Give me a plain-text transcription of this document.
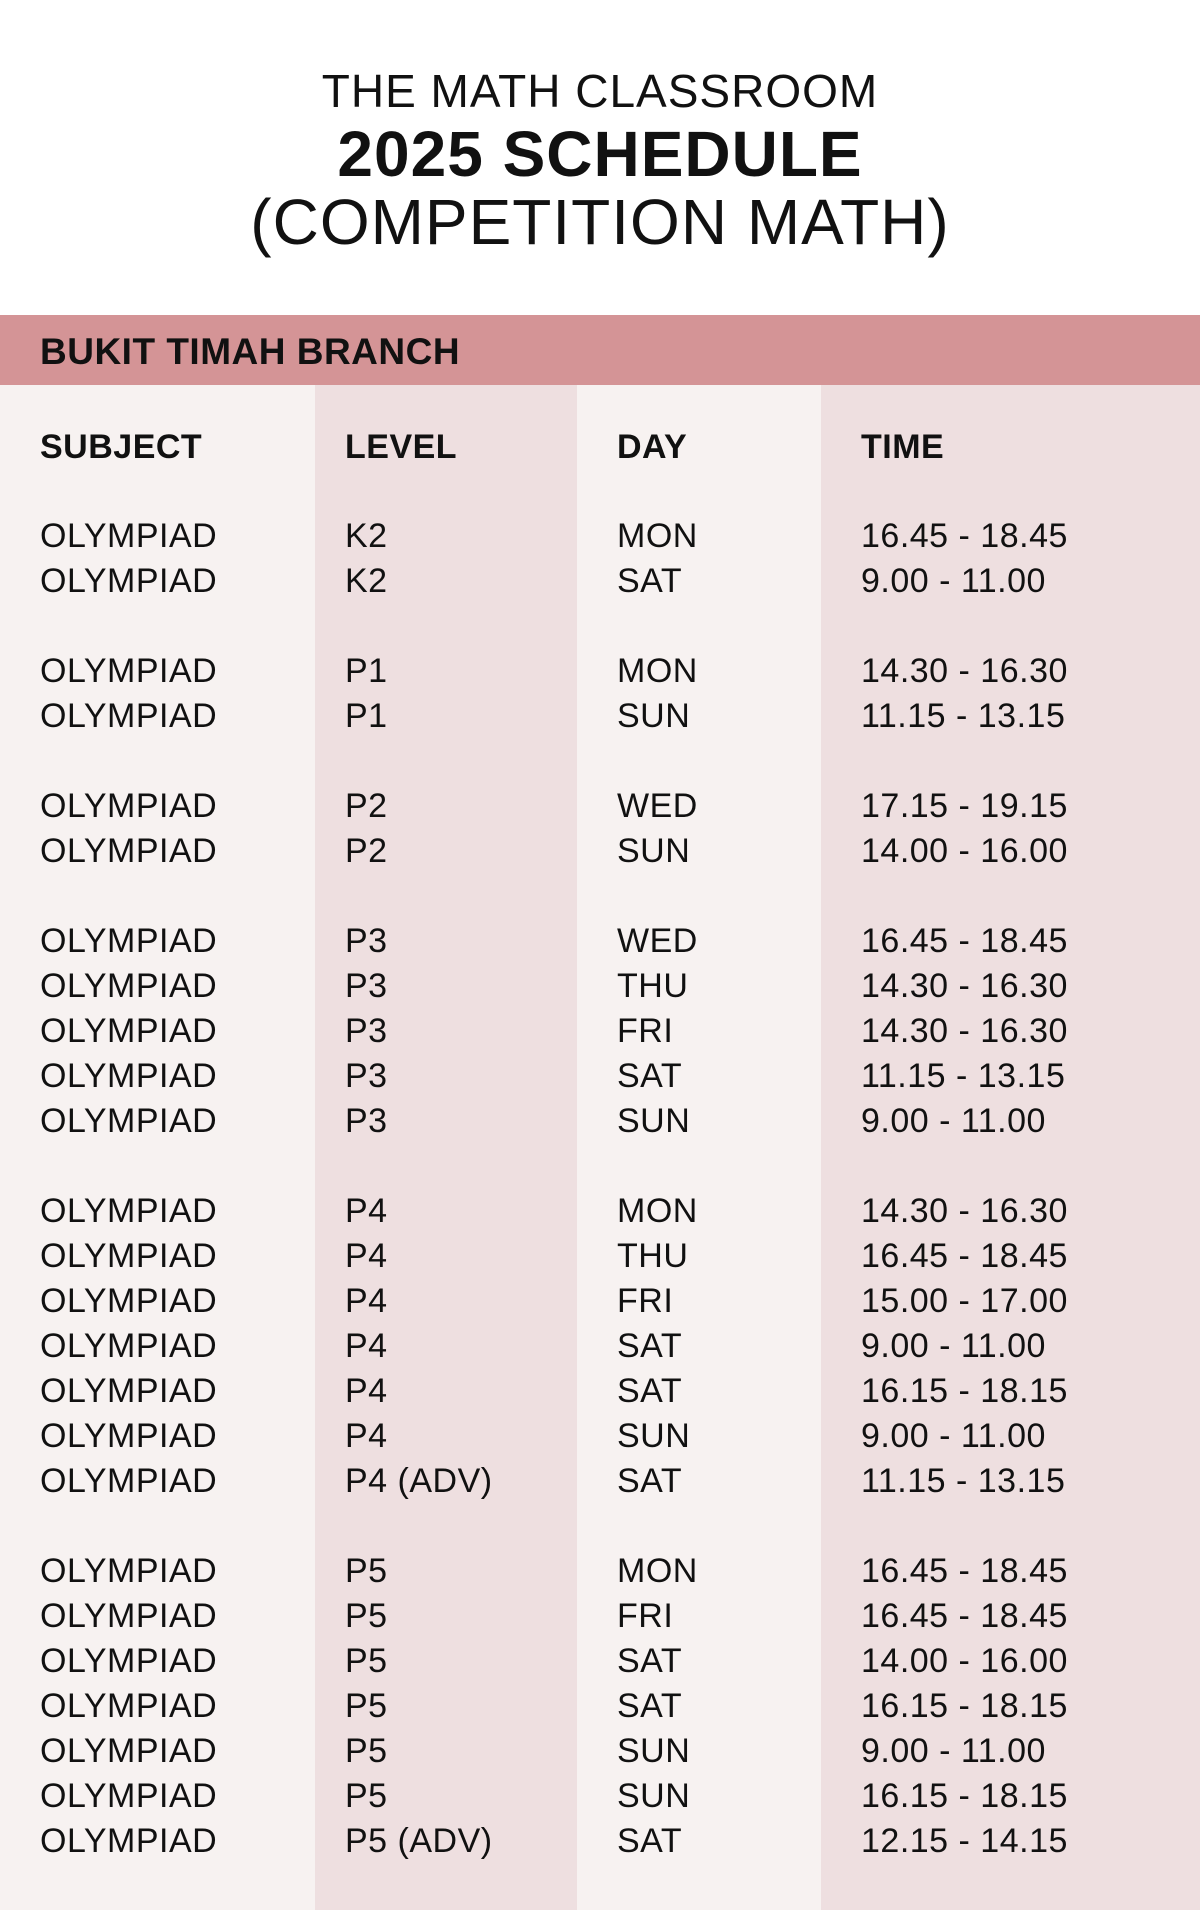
THE MATH CLASSROOM
2025 SCHEDULE
(COMPETITION MATH)
BUKIT TIMAH BRANCH
SUBJECT	LEVEL	DAY	TIME
OLYMPIAD	K2	MON	16.45 - 18.45
OLYMPIAD	K2	SAT	9.00 - 11.00
OLYMPIAD	P1	MON	14.30 - 16.30
OLYMPIAD	P1	SUN	11.15 - 13.15
OLYMPIAD	P2	WED	17.15 - 19.15
OLYMPIAD	P2	SUN	14.00 - 16.00
OLYMPIAD	P3	WED	16.45 - 18.45
OLYMPIAD	P3	THU	14.30 - 16.30
OLYMPIAD	P3	FRI	14.30 - 16.30
OLYMPIAD	P3	SAT	11.15 - 13.15
OLYMPIAD	P3	SUN	9.00 - 11.00
OLYMPIAD	P4	MON	14.30 - 16.30
OLYMPIAD	P4	THU	16.45 - 18.45
OLYMPIAD	P4	FRI	15.00 - 17.00
OLYMPIAD	P4	SAT	9.00 - 11.00
OLYMPIAD	P4	SAT	16.15 - 18.15
OLYMPIAD	P4	SUN	9.00 - 11.00
OLYMPIAD	P4 (ADV)	SAT	11.15 - 13.15
OLYMPIAD	P5	MON	16.45 - 18.45
OLYMPIAD	P5	FRI	16.45 - 18.45
OLYMPIAD	P5	SAT	14.00 - 16.00
OLYMPIAD	P5	SAT	16.15 - 18.15
OLYMPIAD	P5	SUN	9.00 - 11.00
OLYMPIAD	P5	SUN	16.15 - 18.15
OLYMPIAD	P5 (ADV)	SAT	12.15 - 14.15
